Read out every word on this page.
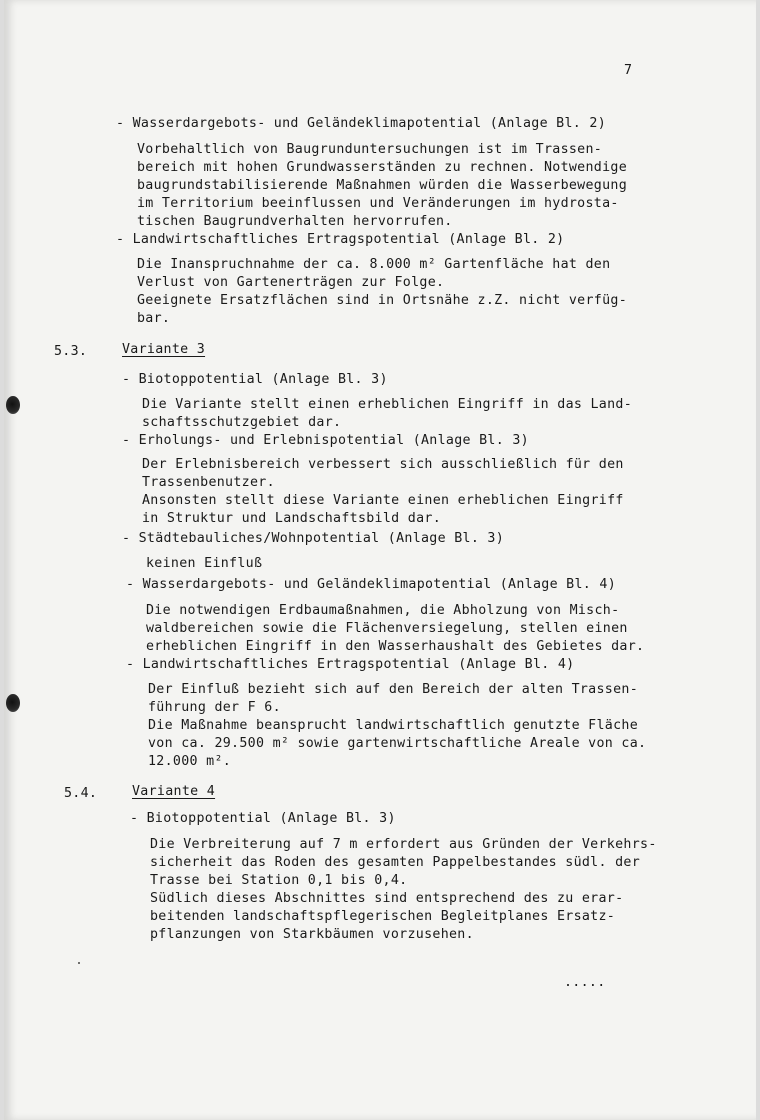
7
- Wasserdargebots- und Geländeklimapotential (Anlage Bl. 2)
Vorbehaltlich von Baugrunduntersuchungen ist im Trassen-
bereich mit hohen Grundwasserständen zu rechnen. Notwendige
baugrundstabilisierende Maßnahmen würden die Wasserbewegung
im Territorium beeinflussen und Veränderungen im hydrosta-
tischen Baugrundverhalten hervorrufen.
- Landwirtschaftliches Ertragspotential (Anlage Bl. 2)
Die Inanspruchnahme der ca. 8.000 m² Gartenfläche hat den
Verlust von Gartenerträgen zur Folge.
Geeignete Ersatzflächen sind in Ortsnähe z.Z. nicht verfüg-
bar.
5.3.	Variante 3
- Biotoppotential (Anlage Bl. 3)
Die Variante stellt einen erheblichen Eingriff in das Land-
schaftsschutzgebiet dar.
- Erholungs- und Erlebnispotential (Anlage Bl. 3)
Der Erlebnisbereich verbessert sich ausschließlich für den
Trassenbenutzer.
Ansonsten stellt diese Variante einen erheblichen Eingriff
in Struktur und Landschaftsbild dar.
- Städtebauliches/Wohnpotential (Anlage Bl. 3)
keinen Einfluß
- Wasserdargebots- und Geländeklimapotential (Anlage Bl. 4)
Die notwendigen Erdbaumaßnahmen, die Abholzung von Misch-
waldbereichen sowie die Flächenversiegelung, stellen einen
erheblichen Eingriff in den Wasserhaushalt des Gebietes dar.
- Landwirtschaftliches Ertragspotential (Anlage Bl. 4)
Der Einfluß bezieht sich auf den Bereich der alten Trassen-
führung der F 6.
Die Maßnahme beansprucht landwirtschaftlich genutzte Fläche
von ca. 29.500 m² sowie gartenwirtschaftliche Areale von ca.
12.000 m².
5.4.	Variante 4
- Biotoppotential (Anlage Bl. 3)
Die Verbreiterung auf 7 m erfordert aus Gründen der Verkehrs-
sicherheit das Roden des gesamten Pappelbestandes südl. der
Trasse bei Station 0,1 bis 0,4.
Südlich dieses Abschnittes sind entsprechend des zu erar-
beitenden landschaftspflegerischen Begleitplanes Ersatz-
pflanzungen von Starkbäumen vorzusehen.
.....
